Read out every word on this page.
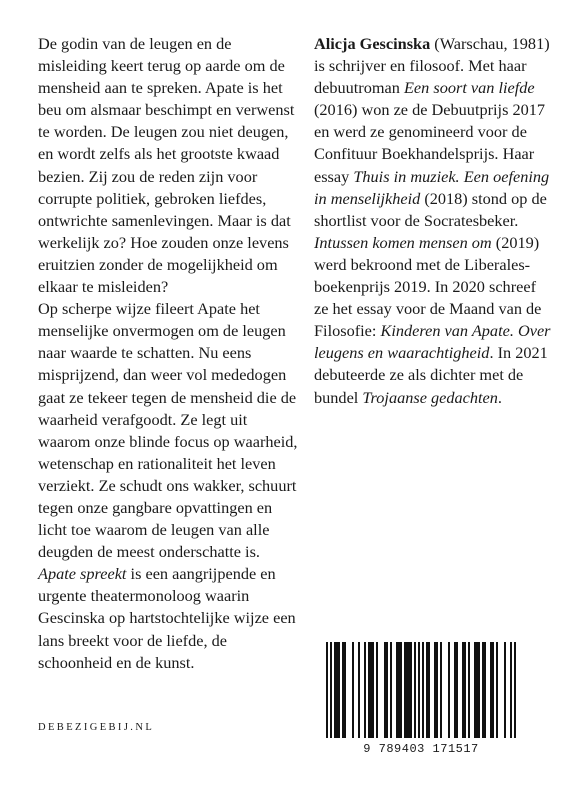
De godin van de leugen en de misleiding keert terug op aarde om de mensheid aan te spreken. Apate is het beu om alsmaar beschimpt en verwenst te worden. De leugen zou niet deugen, en wordt zelfs als het grootste kwaad bezien. Zij zou de reden zijn voor corrupte politiek, gebroken liefdes, ontwrichte samenlevingen. Maar is dat werkelijk zo? Hoe zouden onze levens eruitzien zonder de mogelijkheid om elkaar te misleiden?

Op scherpe wijze fileert Apate het menselijke onvermogen om de leugen naar waarde te schatten. Nu eens misprijzend, dan weer vol mededogen gaat ze tekeer tegen de mensheid die de waarheid verafgoodt. Ze legt uit waarom onze blinde focus op waarheid, wetenschap en rationaliteit het leven verziekt. Ze schudt ons wakker, schuurt tegen onze gangbare opvattingen en licht toe waarom de leugen van alle deugden de meest onderschatte is.

Apate spreekt is een aangrijpende en urgente theatermonoloog waarin Gescinska op hartstochtelijke wijze een lans breekt voor de liefde, de schoonheid en de kunst.

Alicja Gescinska (Warschau, 1981) is schrijver en filosoof. Met haar debuutroman Een soort van liefde (2016) won ze de Debuutprijs 2017 en werd ze genomineerd voor de Confituur Boekhandelsprijs. Haar essay Thuis in muziek. Een oefening in menselijkheid (2018) stond op de shortlist voor de Socratesbeker. Intussen komen mensen om (2019) werd bekroond met de Liberales-boekenprijs 2019. In 2020 schreef ze het essay voor de Maand van de Filosofie: Kinderen van Apate. Over leugens en waarachtigheid. In 2021 debuteerde ze als dichter met de bundel Trojaanse gedachten.

DEBEZIGEBIJ.NL
9 789403 171517
